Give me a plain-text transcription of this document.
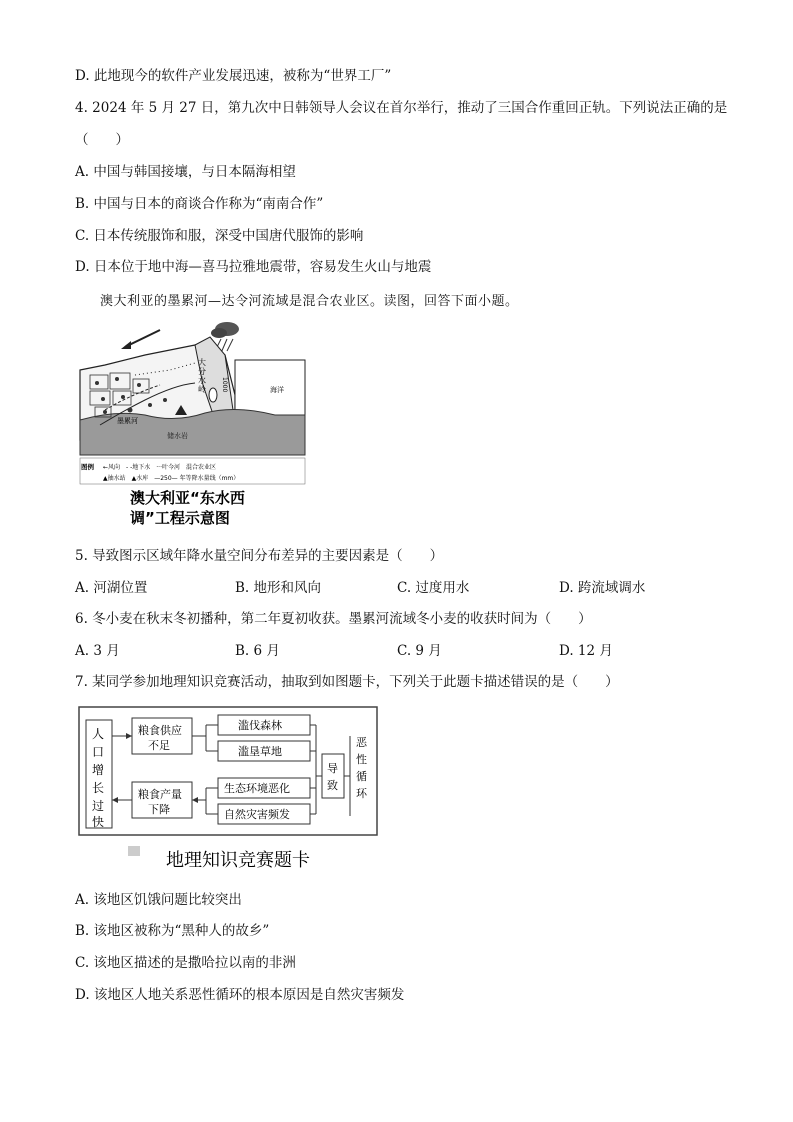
D. 此地现今的软件产业发展迅速，被称为“世界工厂”
4. 2024 年 5 月 27 日，第九次中日韩领导人会议在首尔举行，推动了三国合作重回正轨。下列说法正确的是
（　　）
A. 中国与韩国接壤，与日本隔海相望
B. 中国与日本的商谈合作称为“南南合作”
C. 日本传统服饰和服，深受中国唐代服饰的影响
D. 日本位于地中海—喜马拉雅地震带，容易发生火山与地震
澳大利亚的墨累河—达令河流域是混合农业区。读图，回答下面小题。
大分水岭	1000	海洋
墨累河
储水岩
图例 ←风向　- -地下水　···叶今河　混合农业区
▲抽水站　▲水库　—250— 年等降水量线（mm）
澳大利亚“东水西
调”工程示意图
5. 导致图示区域年降水量空间分布差异的主要因素是（　　）
A. 河湖位置	B. 地形和风向	C. 过度用水	D. 跨流域调水
6. 冬小麦在秋末冬初播种，第二年夏初收获。墨累河流域冬小麦的收获时间为（　　）
A. 3 月	B. 6 月	C. 9 月	D. 12 月
7. 某同学参加地理知识竞赛活动，抽取到如图题卡，下列关于此题卡描述错误的是（　　）
人口增长过快
粮食供应
不足
滥伐森林
滥垦草地
导致
恶性循环
生态环境恶化
自然灾害频发
粮食产量
下降
地理知识竞赛题卡
A. 该地区饥饿问题比较突出
B. 该地区被称为“黑种人的故乡”
C. 该地区描述的是撒哈拉以南的非洲
D. 该地区人地关系恶性循环的根本原因是自然灾害频发
